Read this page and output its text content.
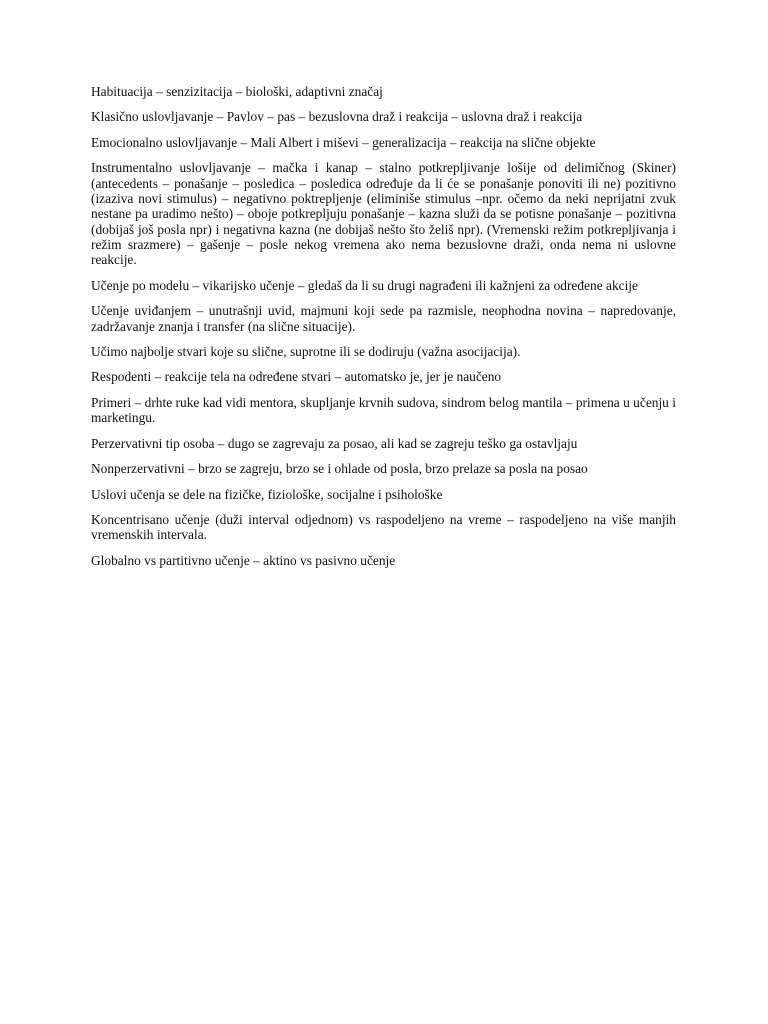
Habituacija – senzizitacija – biološki, adaptivni značaj

Klasično uslovljavanje – Pavlov – pas – bezuslovna draž i reakcija – uslovna draž i reakcija

Emocionalno uslovljavanje – Mali Albert i miševi – generalizacija – reakcija na slične objekte

Instrumentalno uslovljavanje – mačka i kanap – stalno potkrepljivanje lošije od delimičnog (Skiner) (antecedents – ponašanje – posledica – posledica određuje da li će se ponašanje ponoviti ili ne) pozitivno (izaziva novi stimulus) – negativno poktrepljenje (eliminiše stimulus –npr. očemo da neki neprijatni zvuk nestane pa uradimo nešto) – oboje potkrepljuju ponašanje – kazna služi da se potisne ponašanje – pozitivna (dobijaš još posla npr) i negativna kazna (ne dobijaš nešto što želiš npr). (Vremenski režim potkrepljivanja i režim srazmere) – gašenje – posle nekog vremena ako nema bezuslovne draži, onda nema ni uslovne reakcije.

Učenje po modelu – vikarijsko učenje – gledaš da li su drugi nagrađeni ili kažnjeni za određene akcije

Učenje uviđanjem – unutrašnji uvid, majmuni koji sede pa razmisle, neophodna novina – napredovanje, zadržavanje znanja i transfer (na slične situacije).

Učimo najbolje stvari koje su slične, suprotne ili se dodiruju (važna asocijacija).

Respodenti – reakcije tela na određene stvari – automatsko je, jer je naučeno

Primeri – drhte ruke kad vidi mentora, skupljanje krvnih sudova, sindrom belog mantila – primena u učenju i marketingu.

Perzervativni tip osoba – dugo se zagrevaju za posao, ali kad se zagreju teško ga ostavljaju

Nonperzervativni – brzo se zagreju, brzo se i ohlade od posla, brzo prelaze sa posla na posao

Uslovi učenja se dele na fizičke, fiziološke, socijalne i psihološke

Koncentrisano učenje (duži interval odjednom) vs raspodeljeno na vreme – raspodeljeno na više manjih vremenskih intervala.

Globalno vs partitivno učenje – aktino vs pasivno učenje
